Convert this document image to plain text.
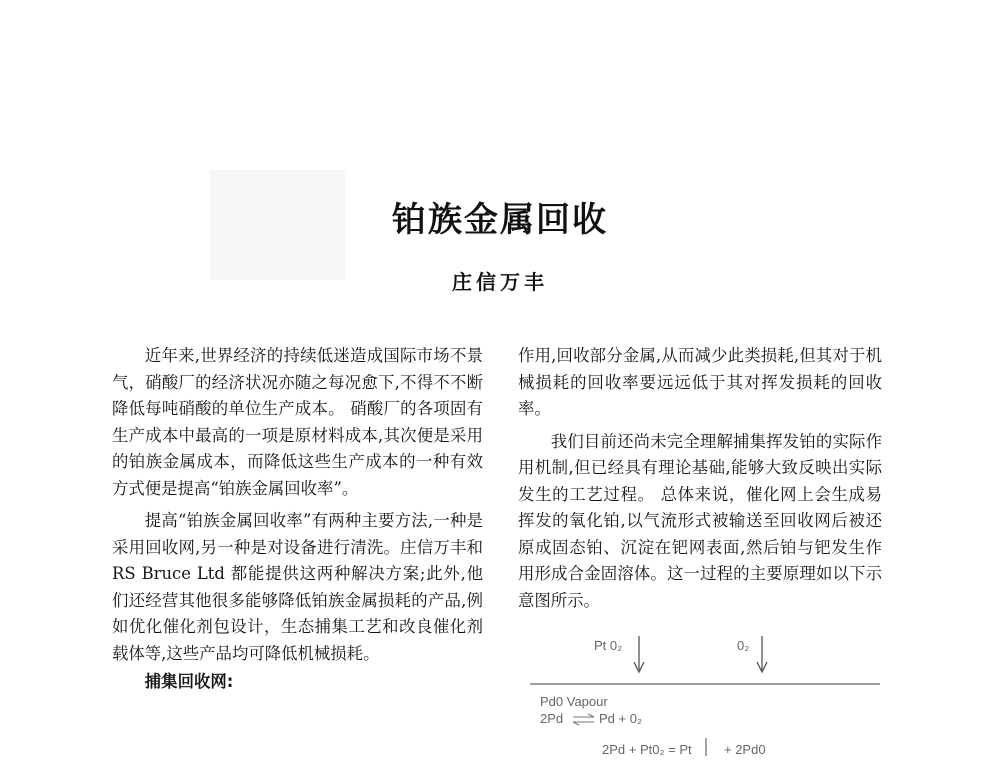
铂族金属回收
庄信万丰

近年来,世界经济的持续低迷造成国际市场不景气，硝酸厂的经济状况亦随之每况愈下,不得不不断降低每吨硝酸的单位生产成本。 硝酸厂的各项固有生产成本中最高的一项是原材料成本,其次便是采用的铂族金属成本，而降低这些生产成本的一种有效方式便是提高“铂族金属回收率”。

提高“铂族金属回收率”有两种主要方法,一种是采用回收网,另一种是对设备进行清洗。庄信万丰和 RS Bruce Ltd 都能提供这两种解决方案;此外,他们还经营其他很多能够降低铂族金属损耗的产品,例如优化催化剂包设计，生态捕集工艺和改良催化剂载体等,这些产品均可降低机械损耗。

捕集回收网:

作用,回收部分金属,从而减少此类损耗,但其对于机械损耗的回收率要远远低于其对挥发损耗的回收率。

我们目前还尚未完全理解捕集挥发铂的实际作用机制,但已经具有理论基础,能够大致反映出实际发生的工艺过程。 总体来说，催化网上会生成易挥发的氧化铂,以气流形式被输送至回收网后被还原成固态铂、沉淀在钯网表面,然后铂与钯发生作用形成合金固溶体。这一过程的主要原理如以下示意图所示。

Pt 0₂	0₂
Pd0 Vapour
2Pd	Pd + 0₂
2Pd + Pt0₂ = Pt + 2Pd0
